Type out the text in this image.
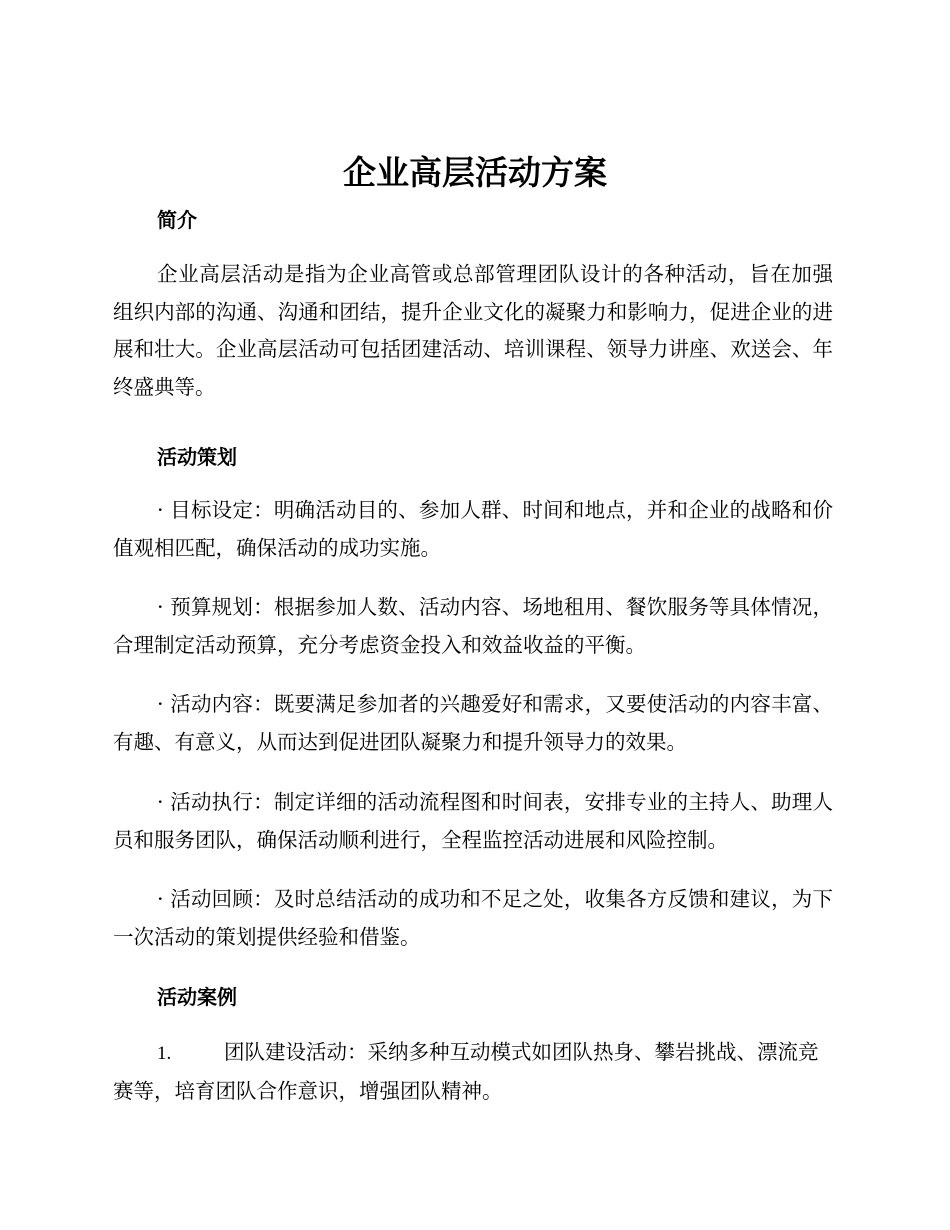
企业高层活动方案
简介

企业高层活动是指为企业高管或总部管理团队设计的各种活动，旨在加强组织内部的沟通、沟通和团结，提升企业文化的凝聚力和影响力，促进企业的进展和壮大。企业高层活动可包括团建活动、培训课程、领导力讲座、欢送会、年终盛典等。

活动策划

· 目标设定：明确活动目的、参加人群、时间和地点，并和企业的战略和价值观相匹配，确保活动的成功实施。

· 预算规划：根据参加人数、活动内容、场地租用、餐饮服务等具体情况，合理制定活动预算，充分考虑资金投入和效益收益的平衡。

· 活动内容：既要满足参加者的兴趣爱好和需求，又要使活动的内容丰富、有趣、有意义，从而达到促进团队凝聚力和提升领导力的效果。

· 活动执行：制定详细的活动流程图和时间表，安排专业的主持人、助理人员和服务团队，确保活动顺利进行，全程监控活动进展和风险控制。

· 活动回顾：及时总结活动的成功和不足之处，收集各方反馈和建议，为下一次活动的策划提供经验和借鉴。

活动案例

1.	团队建设活动：采纳多种互动模式如团队热身、攀岩挑战、漂流竞赛等，培育团队合作意识，增强团队精神。
